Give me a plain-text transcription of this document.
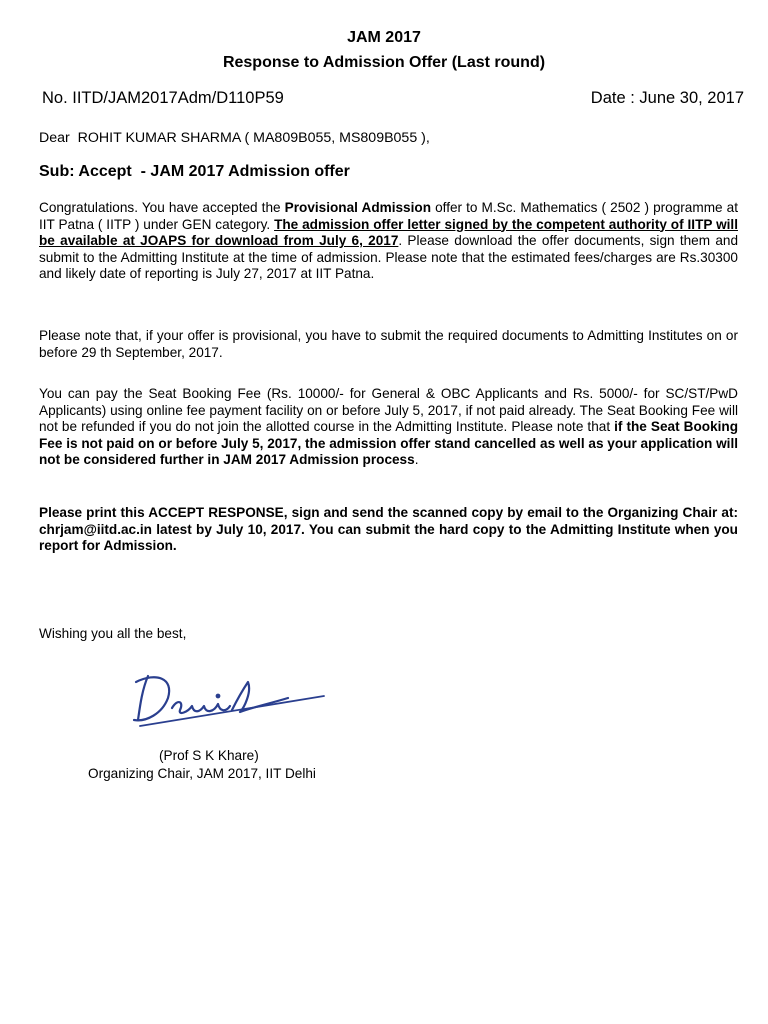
JAM 2017
Response to Admission Offer (Last round)
No. IITD/JAM2017Adm/D110P59	Date : June 30, 2017
Dear  ROHIT KUMAR SHARMA ( MA809B055, MS809B055 ),
Sub: Accept  - JAM 2017 Admission offer
Congratulations. You have accepted the Provisional Admission offer to M.Sc. Mathematics ( 2502 ) programme at IIT Patna ( IITP ) under GEN category. The admission offer letter signed by the competent authority of IITP will be available at JOAPS for download from July 6, 2017. Please download the offer documents, sign them and submit to the Admitting Institute at the time of admission. Please note that the estimated fees/charges are Rs.30300 and likely date of reporting is July 27, 2017 at IIT Patna.
Please note that, if your offer is provisional, you have to submit the required documents to Admitting Institutes on or before 29 th September, 2017.
You can pay the Seat Booking Fee (Rs. 10000/- for General & OBC Applicants and Rs. 5000/- for SC/ST/PwD Applicants) using online fee payment facility on or before July 5, 2017, if not paid already. The Seat Booking Fee will not be refunded if you do not join the allotted course in the Admitting Institute. Please note that if the Seat Booking Fee is not paid on or before July 5, 2017, the admission offer stand cancelled as well as your application will not be considered further in JAM 2017 Admission process.
Please print this ACCEPT RESPONSE, sign and send the scanned copy by email to the Organizing Chair at: chrjam@iitd.ac.in latest by July 10, 2017. You can submit the hard copy to the Admitting Institute when you report for Admission.
Wishing you all the best,
(Prof S K Khare)
Organizing Chair, JAM 2017, IIT Delhi
